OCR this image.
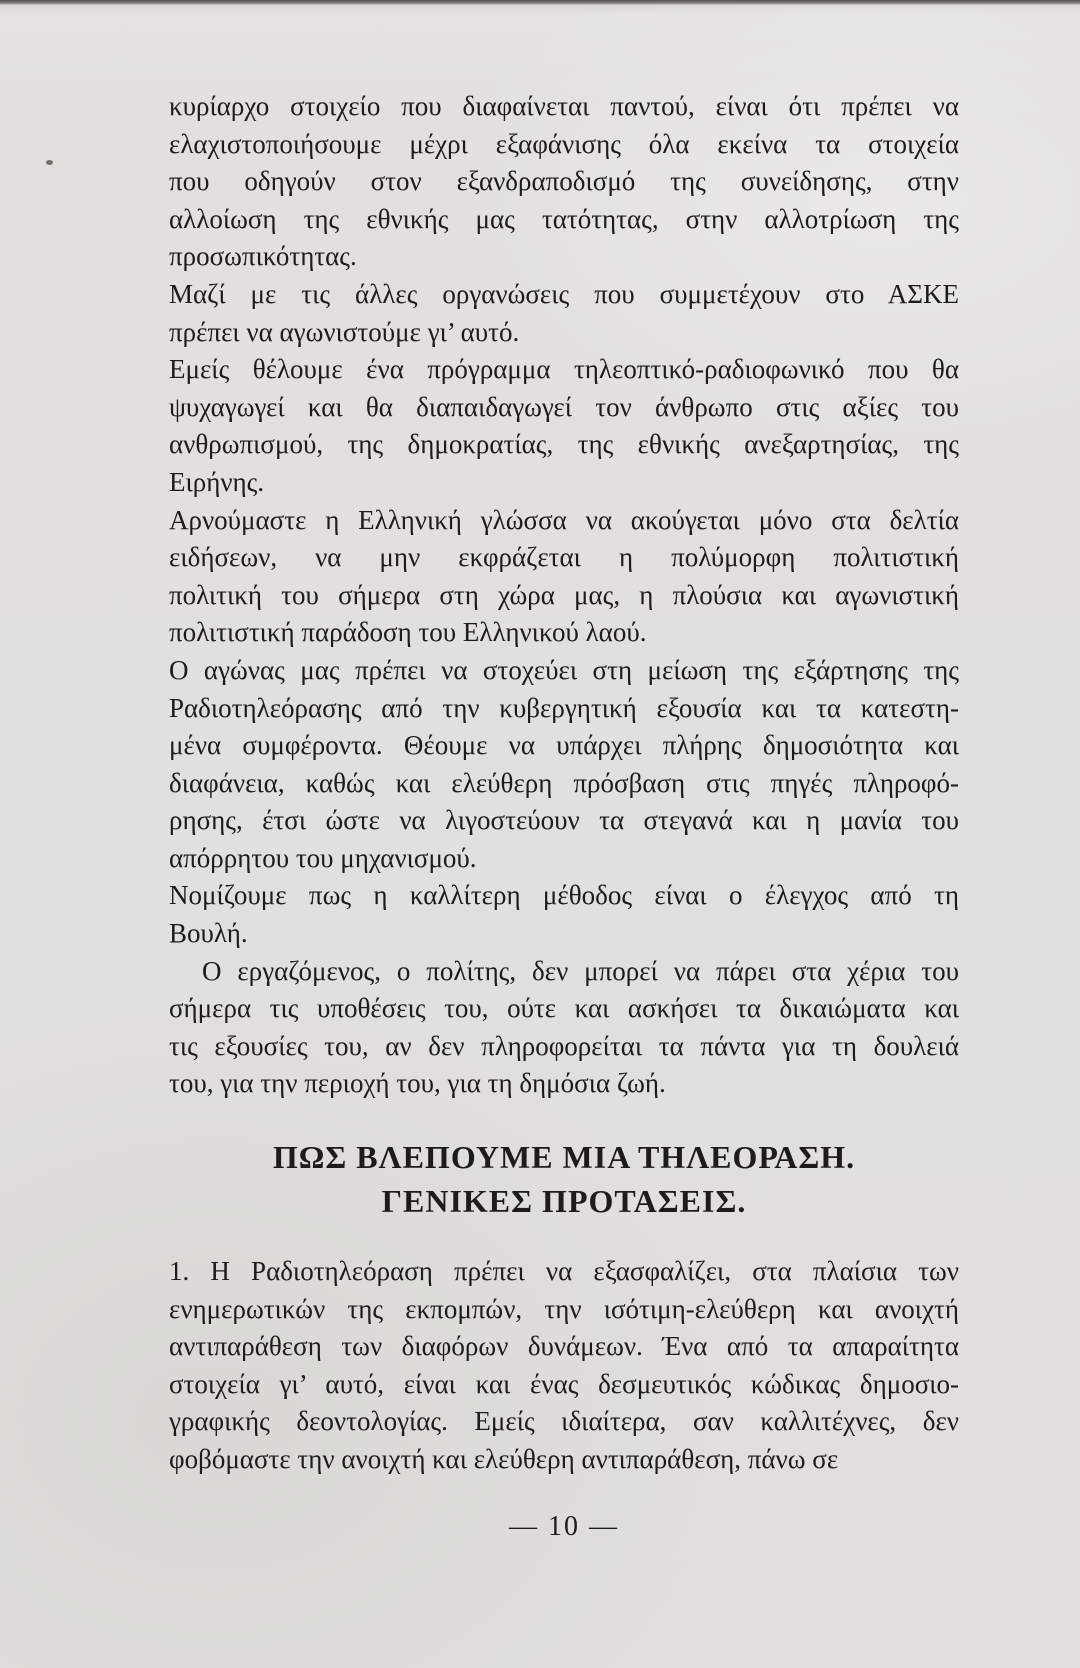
κυρίαρχο στοιχείο που διαφαίνεται παντού, είναι ότι πρέπει να
ελαχιστοποιήσουμε μέχρι εξαφάνισης όλα εκείνα τα στοιχεία
που οδηγούν στον εξανδραποδισμό της συνείδησης, στην
αλλοίωση της εθνικής μας τατότητας, στην αλλοτρίωση της
προσωπικότητας.
Μαζί με τις άλλες οργανώσεις που συμμετέχουν στο ΑΣΚΕ
πρέπει να αγωνιστούμε γι’ αυτό.
Εμείς θέλουμε ένα πρόγραμμα τηλεοπτικό-ραδιοφωνικό που θα
ψυχαγωγεί και θα διαπαιδαγωγεί τον άνθρωπο στις αξίες του
ανθρωπισμού, της δημοκρατίας, της εθνικής ανεξαρτησίας, της
Ειρήνης.
Αρνούμαστε η Ελληνική γλώσσα να ακούγεται μόνο στα δελτία
ειδήσεων, να μην εκφράζεται η πολύμορφη πολιτιστική
πολιτική του σήμερα στη χώρα μας, η πλούσια και αγωνιστική
πολιτιστική παράδοση του Ελληνικού λαού.
Ο αγώνας μας πρέπει να στοχεύει στη μείωση της εξάρτησης της
Ραδιοτηλεόρασης από την κυβεργητική εξουσία και τα κατεστη-
μένα συμφέροντα. Θέουμε να υπάρχει πλήρης δημοσιότητα και
διαφάνεια, καθώς και ελεύθερη πρόσβαση στις πηγές πληροφό-
ρησης, έτσι ώστε να λιγοστεύουν τα στεγανά και η μανία του
απόρρητου του μηχανισμού.
Νομίζουμε πως η καλλίτερη μέθοδος είναι ο έλεγχος από τη
Βουλή.
Ο εργαζόμενος, ο πολίτης, δεν μπορεί να πάρει στα χέρια του
σήμερα τις υποθέσεις του, ούτε και ασκήσει τα δικαιώματα και
τις εξουσίες του, αν δεν πληροφορείται τα πάντα για τη δουλειά
του, για την περιοχή του, για τη δημόσια ζωή.
ΠΩΣ ΒΛΕΠΟΥΜΕ ΜΙΑ ΤΗΛΕΟΡΑΣΗ.
ΓΕΝΙΚΕΣ ΠΡΟΤΑΣΕΙΣ.
1. Η Ραδιοτηλεόραση πρέπει να εξασφαλίζει, στα πλαίσια των
ενημερωτικών της εκπομπών, την ισότιμη-ελεύθερη και ανοιχτή
αντιπαράθεση των διαφόρων δυνάμεων. Ένα από τα απαραίτητα
στοιχεία γι’ αυτό, είναι και ένας δεσμευτικός κώδικας δημοσιο-
γραφικής δεοντολογίας. Εμείς ιδιαίτερα, σαν καλλιτέχνες, δεν
φοβόμαστε την ανοιχτή και ελεύθερη αντιπαράθεση, πάνω σε
— 10 —
